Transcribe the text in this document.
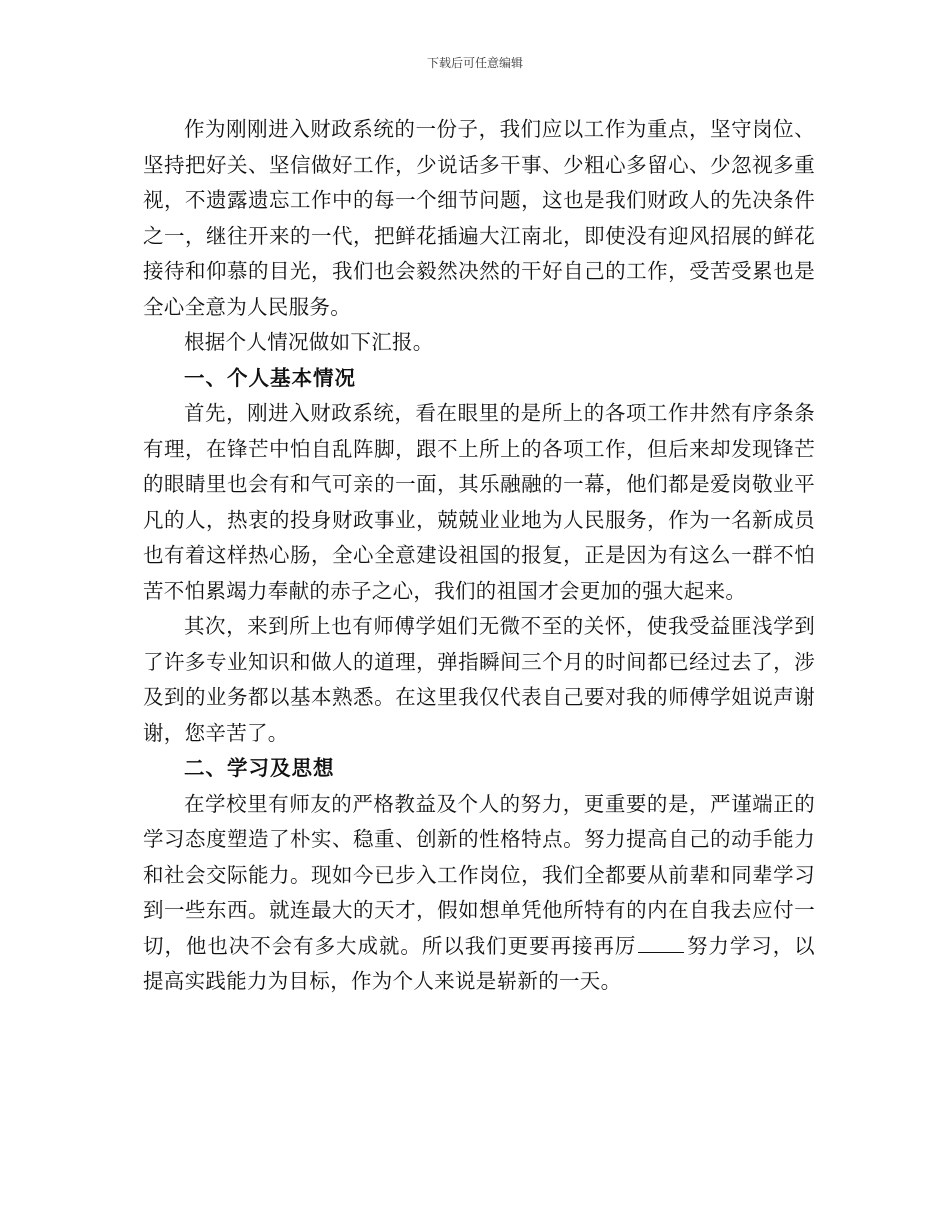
下载后可任意编辑

作为刚刚进入财政系统的一份子，我们应以工作为重点，坚守岗位、坚持把好关、坚信做好工作，少说话多干事、少粗心多留心、少忽视多重视，不遗露遗忘工作中的每一个细节问题，这也是我们财政人的先决条件之一，继往开来的一代，把鲜花插遍大江南北，即使没有迎风招展的鲜花接待和仰慕的目光，我们也会毅然决然的干好自己的工作，受苦受累也是全心全意为人民服务。

根据个人情况做如下汇报。

一、个人基本情况

首先，刚进入财政系统，看在眼里的是所上的各项工作井然有序条条有理，在锋芒中怕自乱阵脚，跟不上所上的各项工作，但后来却发现锋芒的眼睛里也会有和气可亲的一面，其乐融融的一幕，他们都是爱岗敬业平凡的人，热衷的投身财政事业，兢兢业业地为人民服务，作为一名新成员也有着这样热心肠，全心全意建设祖国的报复，正是因为有这么一群不怕苦不怕累竭力奉献的赤子之心，我们的祖国才会更加的强大起来。

其次，来到所上也有师傅学姐们无微不至的关怀，使我受益匪浅学到了许多专业知识和做人的道理，弹指瞬间三个月的时间都已经过去了，涉及到的业务都以基本熟悉。在这里我仅代表自己要对我的师傅学姐说声谢谢，您辛苦了。

二、学习及思想

在学校里有师友的严格教益及个人的努力，更重要的是，严谨端正的学习态度塑造了朴实、稳重、创新的性格特点。努力提高自己的动手能力和社会交际能力。现如今已步入工作岗位，我们全都要从前辈和同辈学习到一些东西。就连最大的天才，假如想单凭他所特有的内在自我去应付一切，他也决不会有多大成就。所以我们更要再接再厉 努力学习，以提高实践能力为目标，作为个人来说是崭新的一天。
